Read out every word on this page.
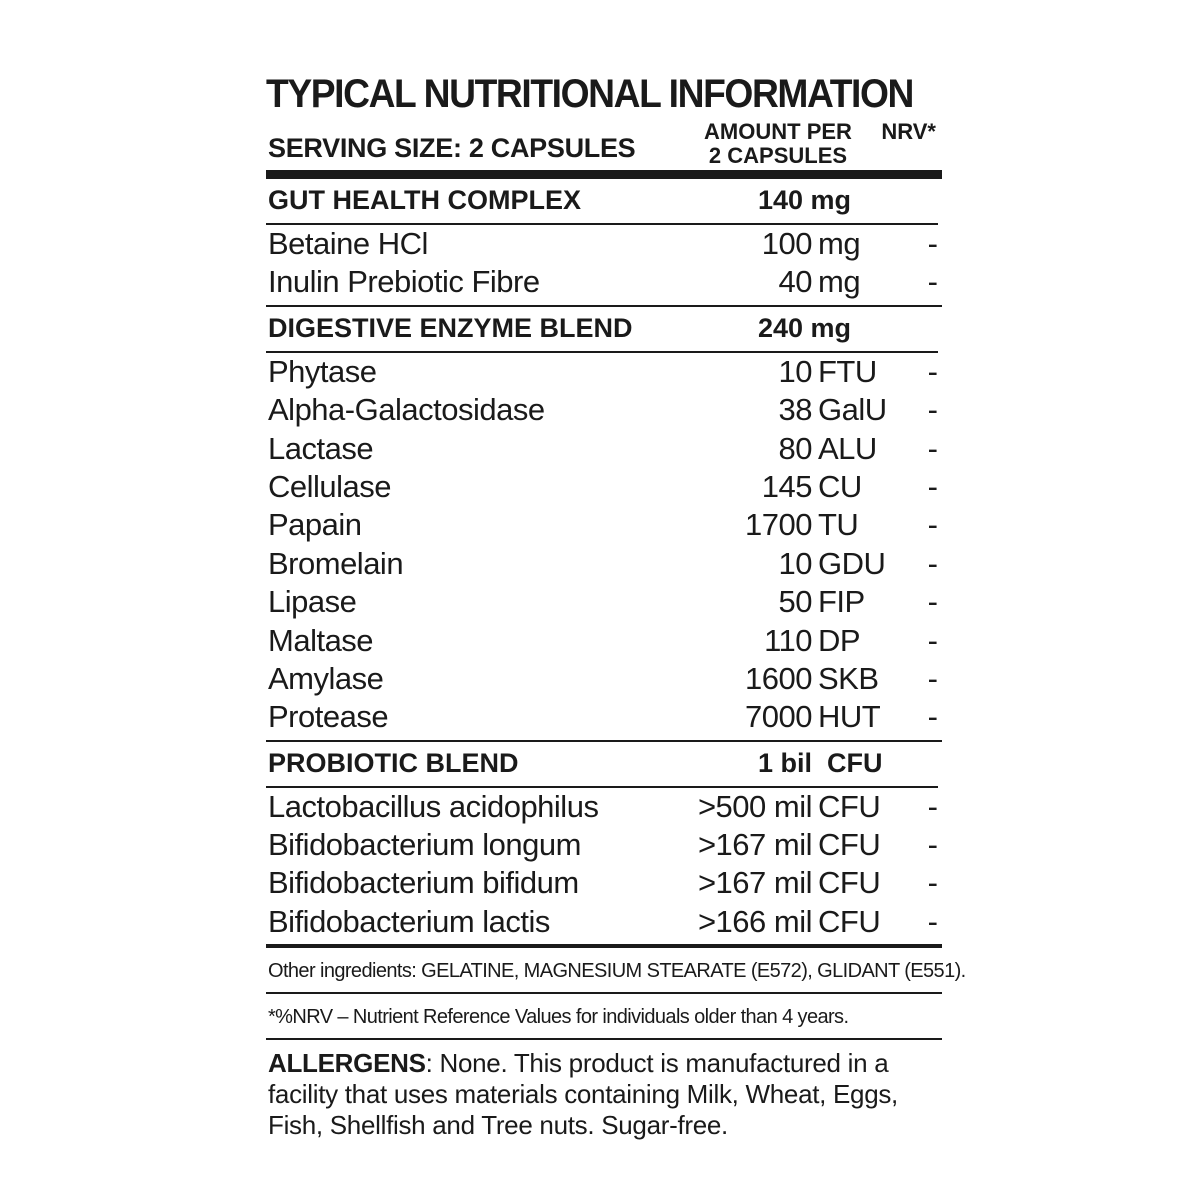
TYPICAL NUTRITIONAL INFORMATION
SERVING SIZE: 2 CAPSULES
AMOUNT PER
2 CAPSULES
NRV*
GUT HEALTH COMPLEX	140 mg
Betaine HCl	100 mg -
Inulin Prebiotic Fibre	40 mg -
DIGESTIVE ENZYME BLEND	240 mg
Phytase	10 FTU -
Alpha-Galactosidase	38 GalU -
Lactase	80 ALU -
Cellulase	145 CU -
Papain	1700 TU -
Bromelain	10 GDU -
Lipase	50 FIP -
Maltase	110 DP -
Amylase	1600 SKB -
Protease	7000 HUT -
PROBIOTIC BLEND	1 bil  CFU
Lactobacillus acidophilus	>500 mil CFU -
Bifidobacterium longum	>167 mil CFU -
Bifidobacterium bifidum	>167 mil CFU -
Bifidobacterium lactis	>166 mil CFU -
Other ingredients: GELATINE, MAGNESIUM STEARATE (E572), GLIDANT (E551).
*%NRV – Nutrient Reference Values for individuals older than 4 years.
ALLERGENS: None. This product is manufactured in a facility that uses materials containing Milk, Wheat, Eggs, Fish, Shellfish and Tree nuts. Sugar-free.
